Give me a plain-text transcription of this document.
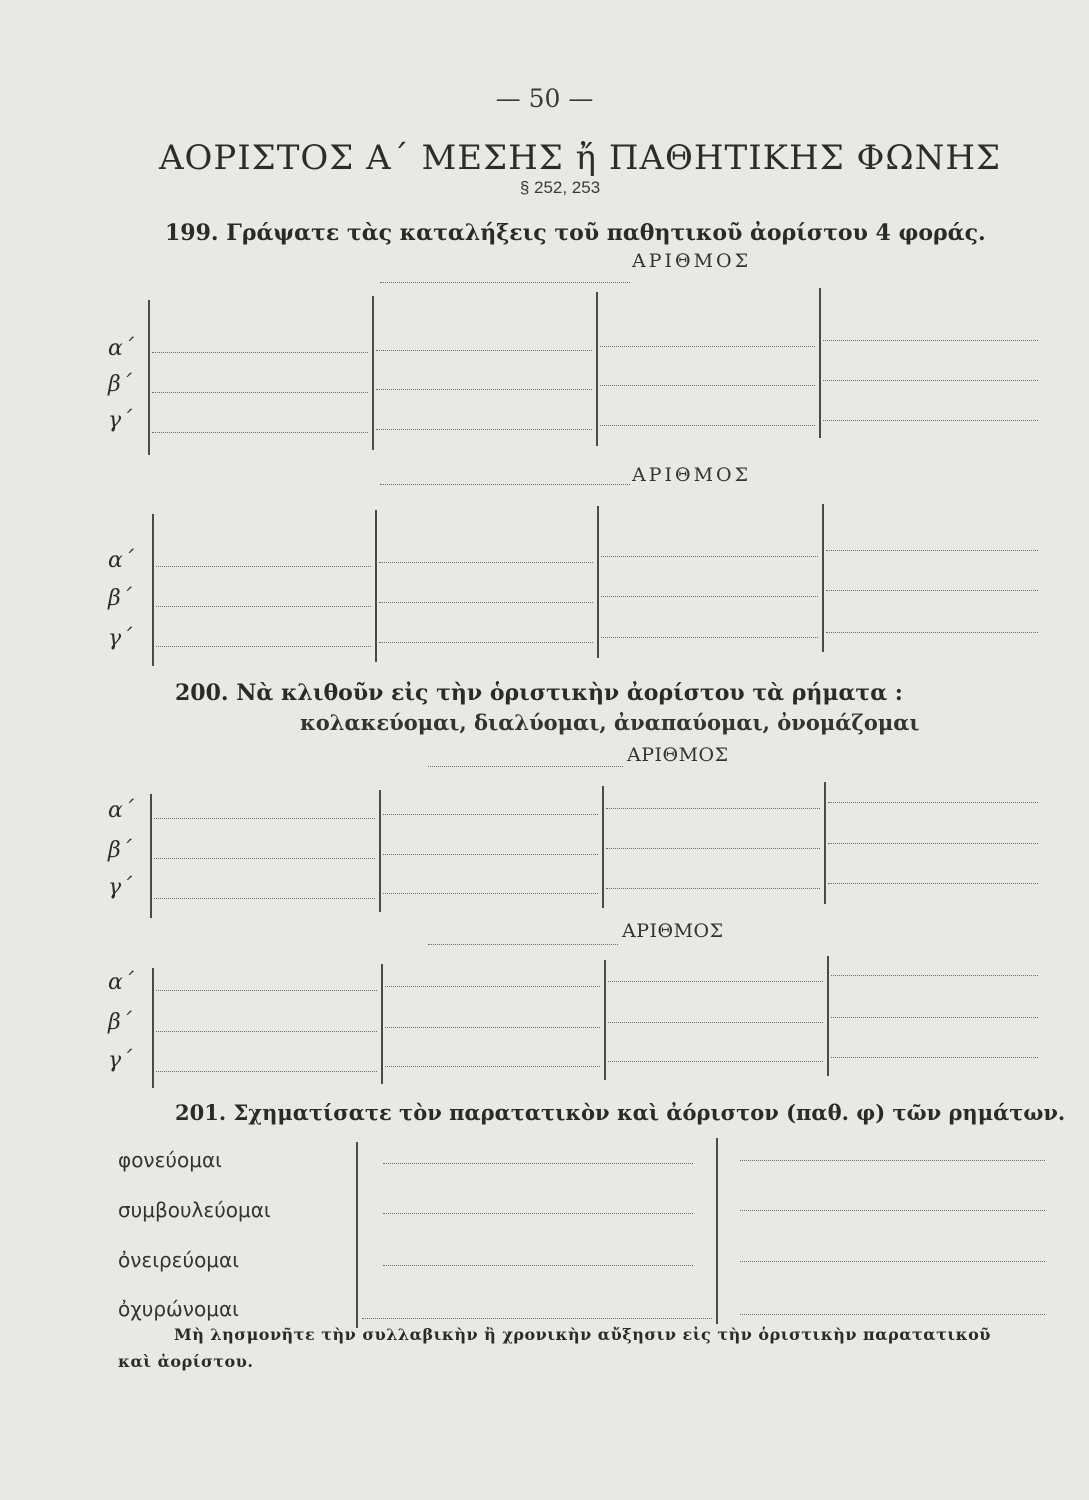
— 50 —
ΑΟΡΙΣΤΟΣ Α΄ ΜΕΣΗΣ ἤ ΠΑΘΗΤΙΚΗΣ ΦΩΝΗΣ
§ 252, 253
199. Γράψατε τὰς καταλήξεις τοῦ παθητικοῦ ἀορίστου 4 φοράς.
ΑΡΙΘΜΟΣ
α΄
β΄
γ΄
ΑΡΙΘΜΟΣ
α΄
β΄
γ΄
200. Νὰ κλιθοῦν εἰς τὴν ὁριστικὴν ἀορίστου τὰ ρήματα :
κολακεύομαι, διαλύομαι, ἀναπαύομαι, ὀνομάζομαι
ΑΡΙΘΜΟΣ
α΄
β΄
γ΄
ΑΡΙΘΜΟΣ
α΄
β΄
γ΄
201. Σχηματίσατε τὸν παρατατικὸν καὶ ἀόριστον (παθ. φ) τῶν ρημάτων.
φονεύομαι
συμβουλεύομαι
ὀνειρεύομαι
ὀχυρώνομαι
Μὴ λησμονῆτε τὴν συλλαβικὴν ἢ χρονικὴν αὔξησιν εἰς τὴν ὁριστικὴν παρατατικοῦ
καὶ ἀορίστου.
